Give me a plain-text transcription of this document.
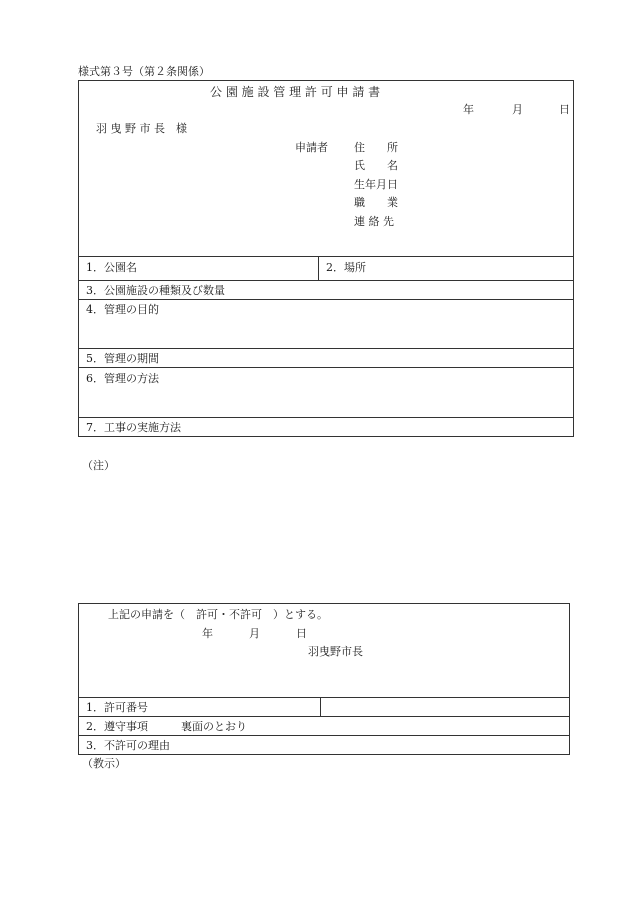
様式第３号（第２条関係）
公 園 施 設 管 理 許 可 申 請 書
年	月	日
羽 曳 野 市 長　様
申請者 住　　所
氏　　名
生年月日
職　　業
連 絡 先
1．公園名	2．場所
3．公園施設の種類及び数量
4．管理の目的
5．管理の期間
6．管理の方法
7．工事の実施方法
（注）
上記の申請を（　許可・不許可　）とする。
年	月	日
羽曳野市長
1．許可番号
2．遵守事項	裏面のとおり
3．不許可の理由
（教示）
